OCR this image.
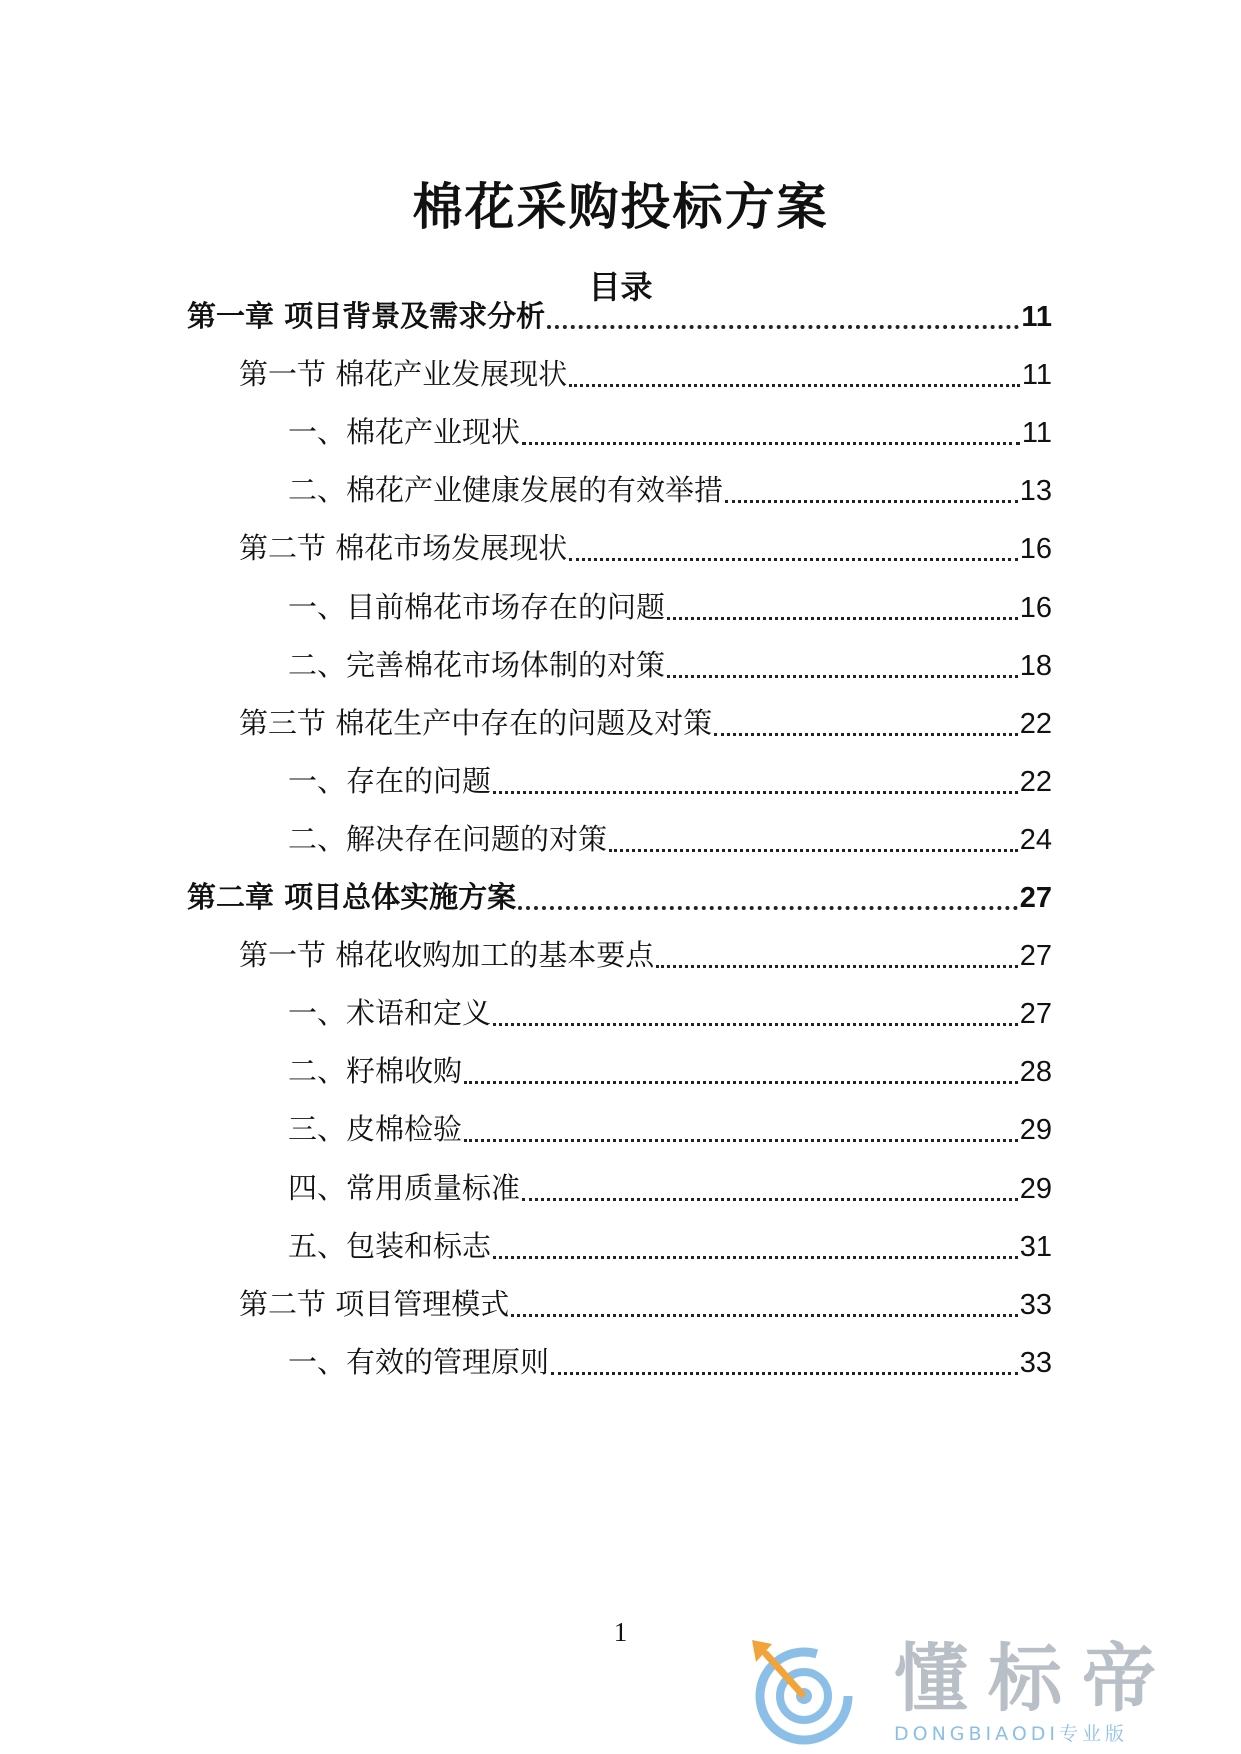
棉花采购投标方案
目录
第一章 项目背景及需求分析	11
第一节 棉花产业发展现状	11
一、棉花产业现状	11
二、棉花产业健康发展的有效举措	13
第二节 棉花市场发展现状	16
一、目前棉花市场存在的问题	16
二、完善棉花市场体制的对策	18
第三节 棉花生产中存在的问题及对策	22
一、存在的问题	22
二、解决存在问题的对策	24
第二章 项目总体实施方案	27
第一节 棉花收购加工的基本要点	27
一、术语和定义	27
二、籽棉收购	28
三、皮棉检验	29
四、常用质量标准	29
五、包装和标志	31
第二节 项目管理模式	33
一、有效的管理原则	33
1
懂标帝
DONGBIAODI专业版
